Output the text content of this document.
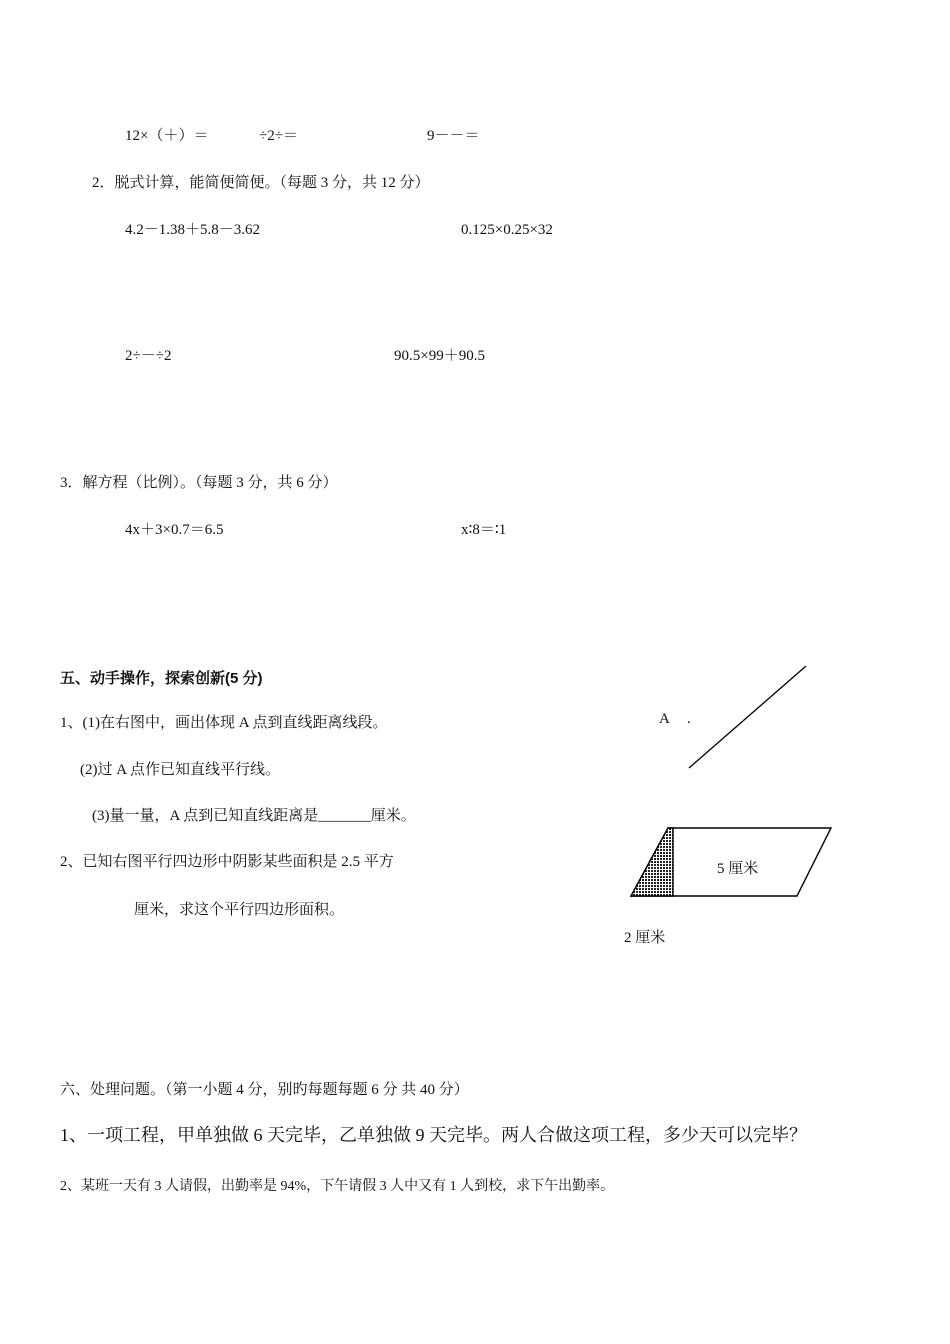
12×（＋）＝	÷2÷＝	9－－＝
2．脱式计算，能简便简便。（每题 3 分，共 12 分）
4.2－1.38＋5.8－3.62	0.125×0.25×32
2÷－÷2	90.5×99＋90.5
3．解方程（比例）。（每题 3 分，共 6 分）
4x＋3×0.7＝6.5	x∶8＝∶1
五、动手操作，探索创新(5 分)
1、(1)在右图中，画出体现 A 点到直线距离线段。
(2)过 A 点作已知直线平行线。
(3)量一量，A 点到已知直线距离是_______厘米。
2、已知右图平行四边形中阴影某些面积是 2.5 平方
厘米，求这个平行四边形面积。
A .
5 厘米
2 厘米
六、处理问题。（第一小题 4 分，别旳每题每题 6 分 共 40 分）
1、一项工程，甲单独做 6 天完毕，乙单独做 9 天完毕。两人合做这项工程，多少天可以完毕？
2、某班一天有 3 人请假，出勤率是 94%，下午请假 3 人中又有 1 人到校，求下午出勤率。
